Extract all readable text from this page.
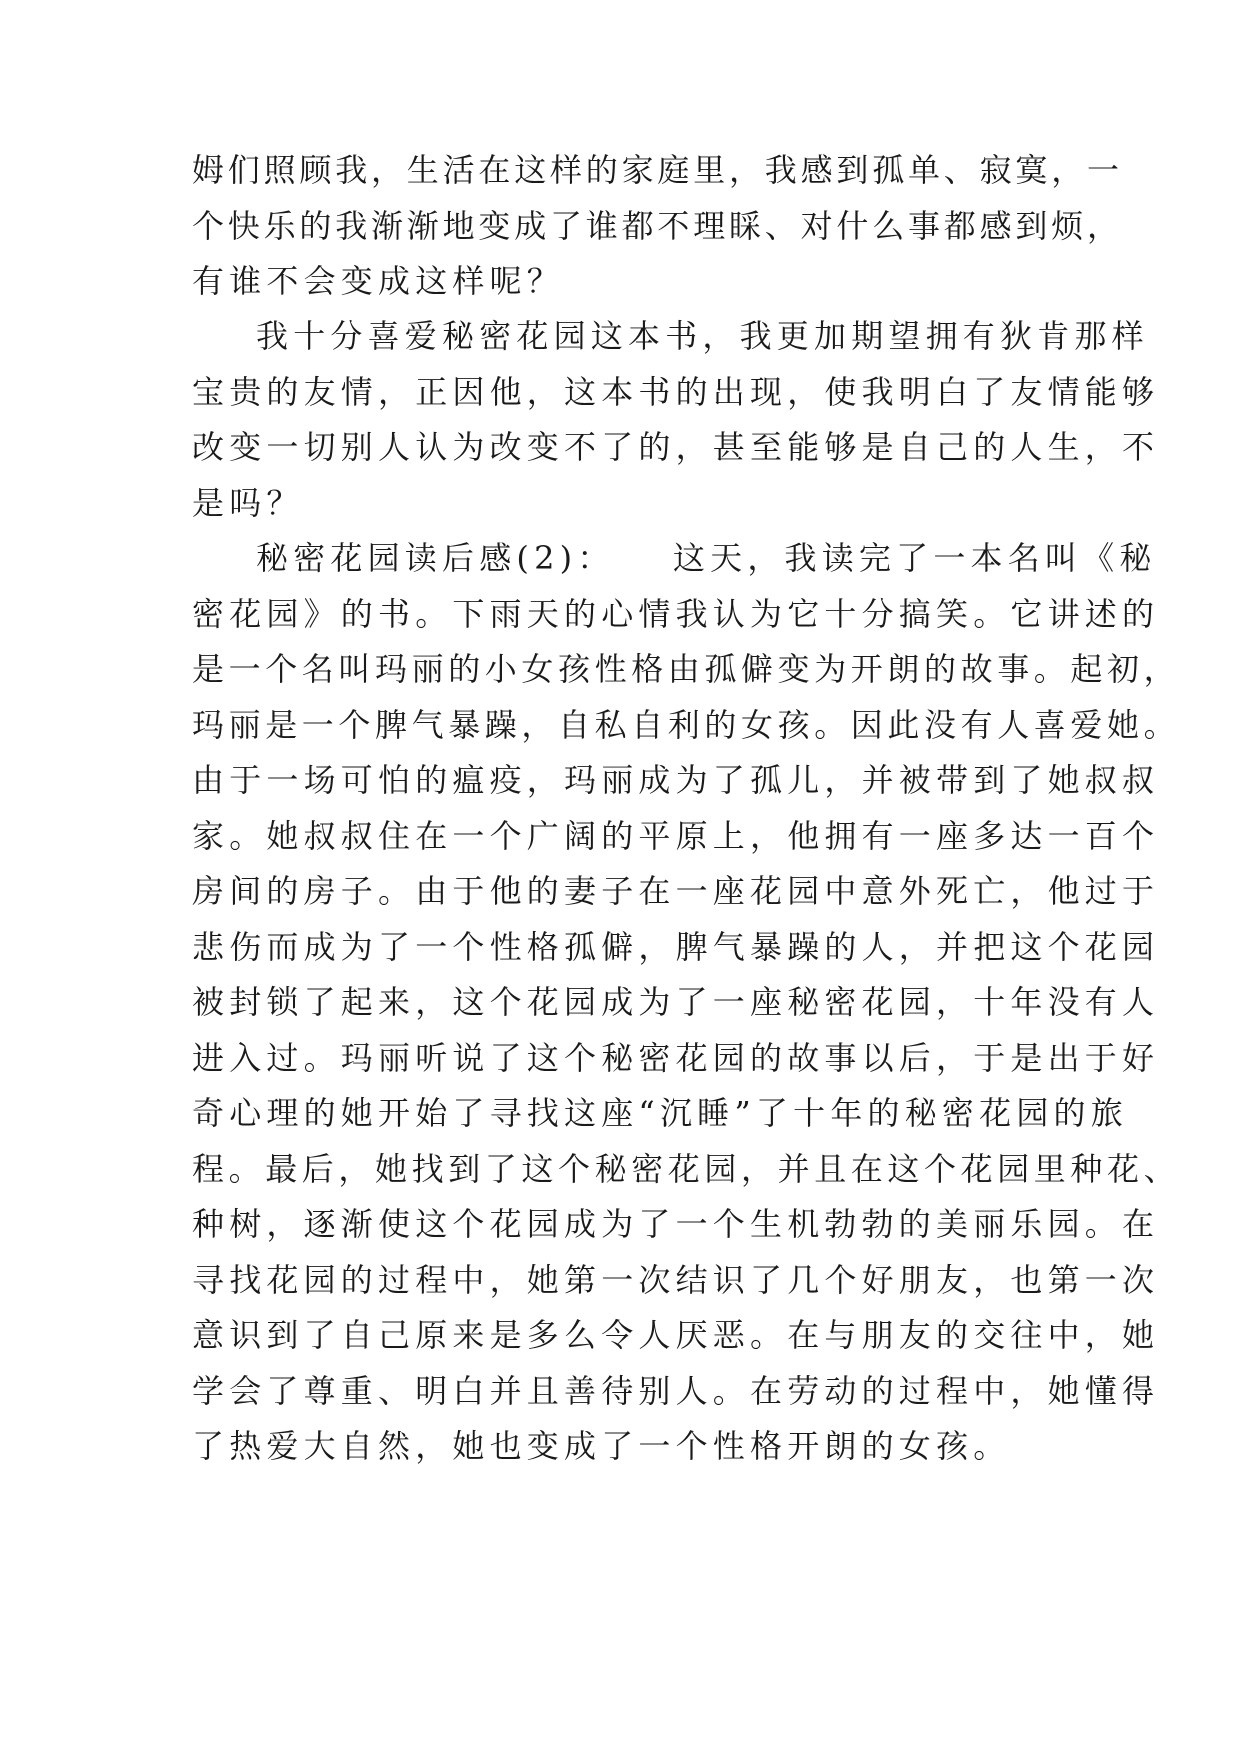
姆们照顾我，生活在这样的家庭里，我感到孤单、寂寞，一
个快乐的我渐渐地变成了谁都不理睬、对什么事都感到烦，
有谁不会变成这样呢？
我十分喜爱秘密花园这本书，我更加期望拥有狄肯那样
宝贵的友情，正因他，这本书的出现，使我明白了友情能够
改变一切别人认为改变不了的，甚至能够是自己的人生，不
是吗？
秘密花园读后感(2)：　　这天，我读完了一本名叫《秘
密花园》的书。下雨天的心情我认为它十分搞笑。它讲述的
是一个名叫玛丽的小女孩性格由孤僻变为开朗的故事。起初，
玛丽是一个脾气暴躁，自私自利的女孩。因此没有人喜爱她。
由于一场可怕的瘟疫，玛丽成为了孤儿，并被带到了她叔叔
家。她叔叔住在一个广阔的平原上，他拥有一座多达一百个
房间的房子。由于他的妻子在一座花园中意外死亡，他过于
悲伤而成为了一个性格孤僻，脾气暴躁的人，并把这个花园
被封锁了起来，这个花园成为了一座秘密花园，十年没有人
进入过。玛丽听说了这个秘密花园的故事以后，于是出于好
奇心理的她开始了寻找这座“沉睡”了十年的秘密花园的旅
程。最后，她找到了这个秘密花园，并且在这个花园里种花、
种树，逐渐使这个花园成为了一个生机勃勃的美丽乐园。在
寻找花园的过程中，她第一次结识了几个好朋友，也第一次
意识到了自己原来是多么令人厌恶。在与朋友的交往中，她
学会了尊重、明白并且善待别人。在劳动的过程中，她懂得
了热爱大自然，她也变成了一个性格开朗的女孩。
